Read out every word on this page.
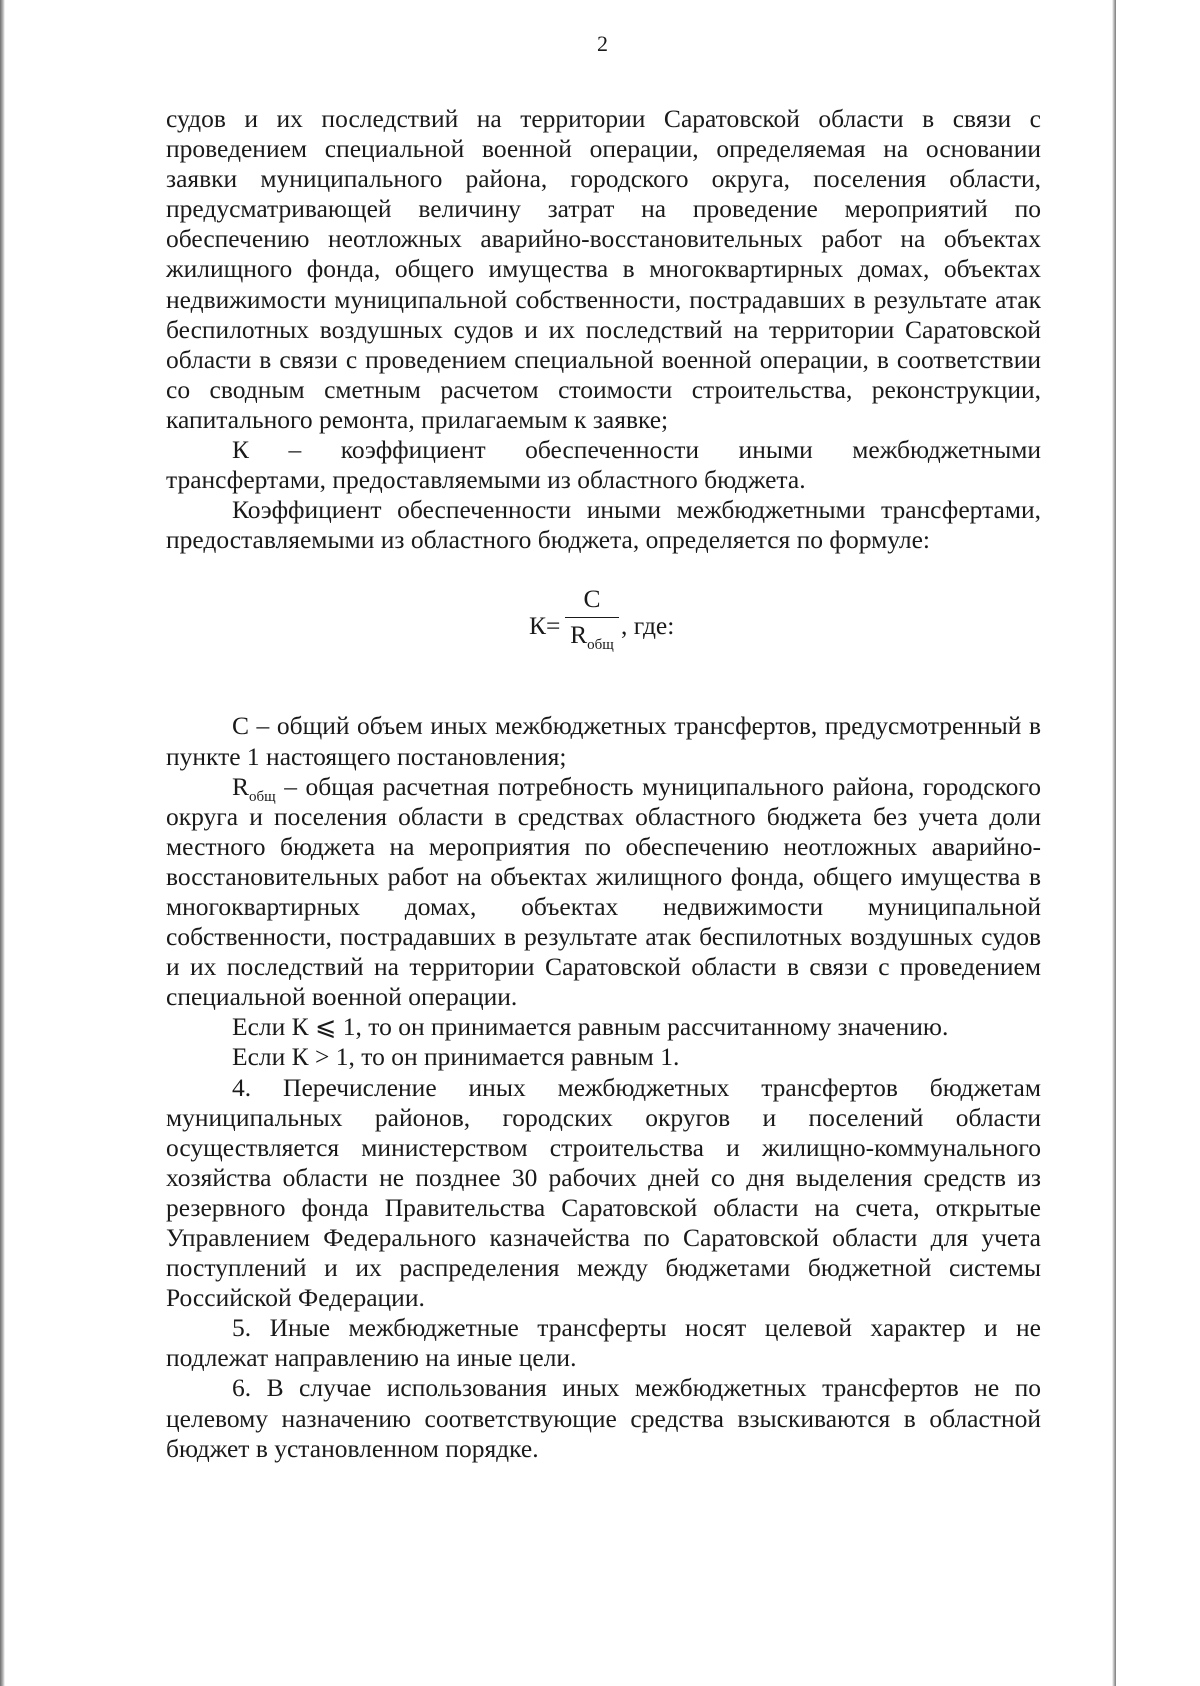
2

судов и их последствий на территории Саратовской области в связи с проведением специальной военной операции, определяемая на основании заявки муниципального района, городского округа, поселения области, предусматривающей величину затрат на проведение мероприятий по обеспечению неотложных аварийно-восстановительных работ на объектах жилищного фонда, общего имущества в многоквартирных домах, объектах недвижимости муниципальной собственности, пострадавших в результате атак беспилотных воздушных судов и их последствий на территории Саратовской области в связи с проведением специальной военной операции, в соответствии со сводным сметным расчетом стоимости строительства, реконструкции, капитального ремонта, прилагаемым к заявке;

К – коэффициент обеспеченности иными межбюджетными трансфертами, предоставляемыми из областного бюджета.

Коэффициент обеспеченности иными межбюджетными трансфертами, предоставляемыми из областного бюджета, определяется по формуле:

К=
С
$R_{общ}$
, где:

С – общий объем иных межбюджетных трансфертов, предусмотренный в пункте 1 настоящего постановления;

$R_{общ}$ – общая расчетная потребность муниципального района, городского округа и поселения области в средствах областного бюджета без учета доли местного бюджета на мероприятия по обеспечению неотложных аварийно-восстановительных работ на объектах жилищного фонда, общего имущества в многоквартирных домах, объектах недвижимости муниципальной собственности, пострадавших в результате атак беспилотных воздушных судов и их последствий на территории Саратовской области в связи с проведением специальной военной операции.

Если К ⩽ 1, то он принимается равным рассчитанному значению.

Если К > 1, то он принимается равным 1.

4. Перечисление иных межбюджетных трансфертов бюджетам муниципальных районов, городских округов и поселений области осуществляется министерством строительства и жилищно-коммунального хозяйства области не позднее 30 рабочих дней со дня выделения средств из резервного фонда Правительства Саратовской области на счета, открытые Управлением Федерального казначейства по Саратовской области для учета поступлений и их распределения между бюджетами бюджетной системы Российской Федерации.

5. Иные межбюджетные трансферты носят целевой характер и не подлежат направлению на иные цели.

6. В случае использования иных межбюджетных трансфертов не по целевому назначению соответствующие средства взыскиваются в областной бюджет в установленном порядке.
